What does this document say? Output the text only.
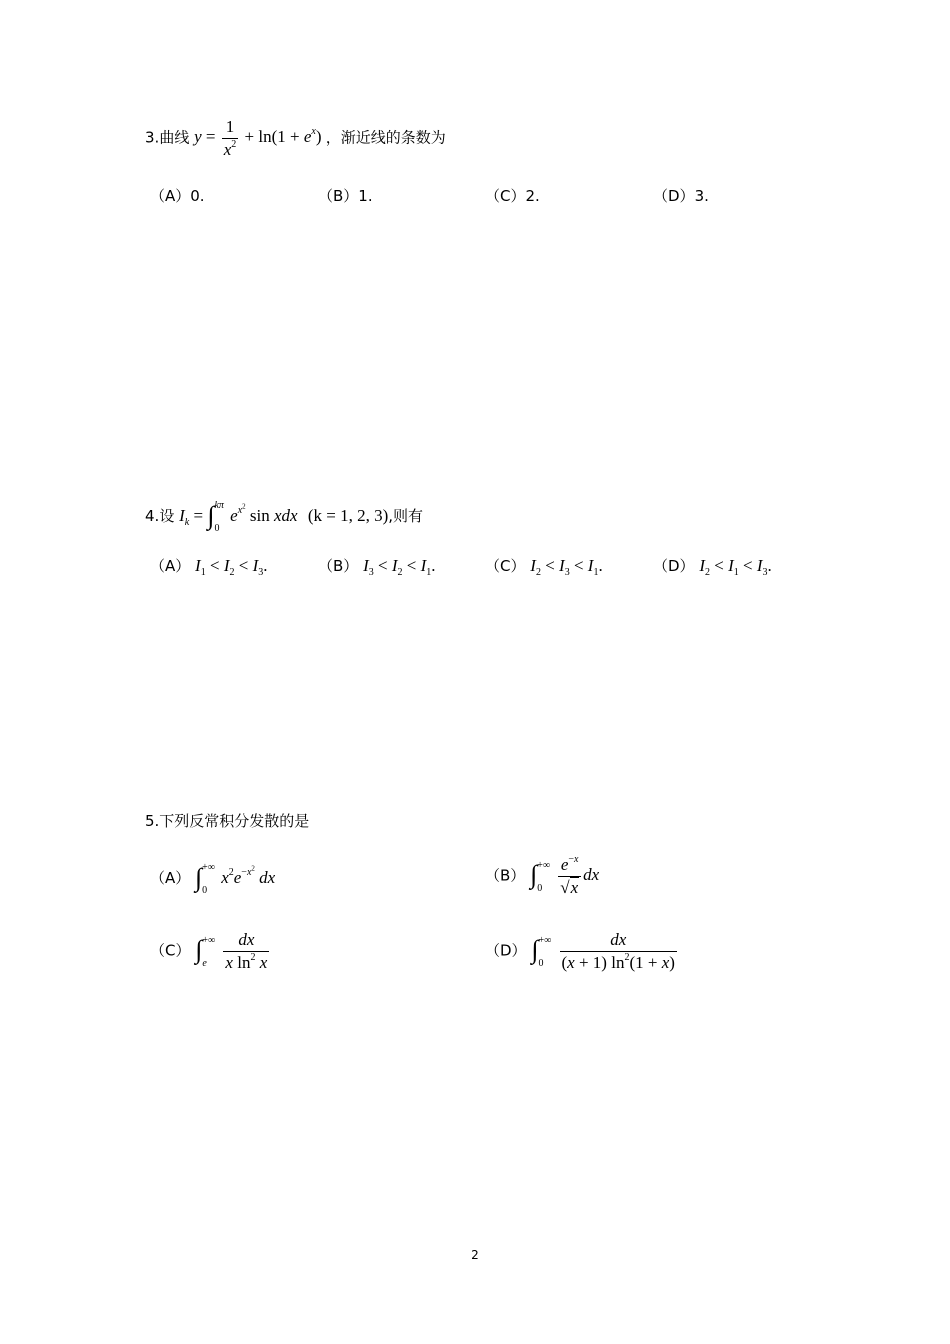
3.曲线 $y = \frac{1}{x^2} + \ln(1 + e^x)$ ，渐近线的条数为
（A）0.	（B）1.	（C）2.	（D）3.
4.设 $I_k$ = ∫ kπ
0
$e^{x^2}$ sin xdx (k = 1, 2, 3),则有
（A） $I_1 < I_2 < I_3$.	（B） $I_3 < I_2 < I_1$.	（C） $I_2 < I_3 < I_1$.	（D） $I_2 < I_1 < I_3$.
5.下列反常积分发散的是
（A） ∫ +∞
0
$x^2e^{-x^2}$ dx	（B） ∫ +∞
0
$\frac{e^{-x}}{√x}$ dx
（C） ∫ +∞
e
$\frac{dx}{x \ln^2 x}$	（D） ∫ +∞
0
$\frac{dx}{(x + 1) \ln^2(1 + x)}$
2
